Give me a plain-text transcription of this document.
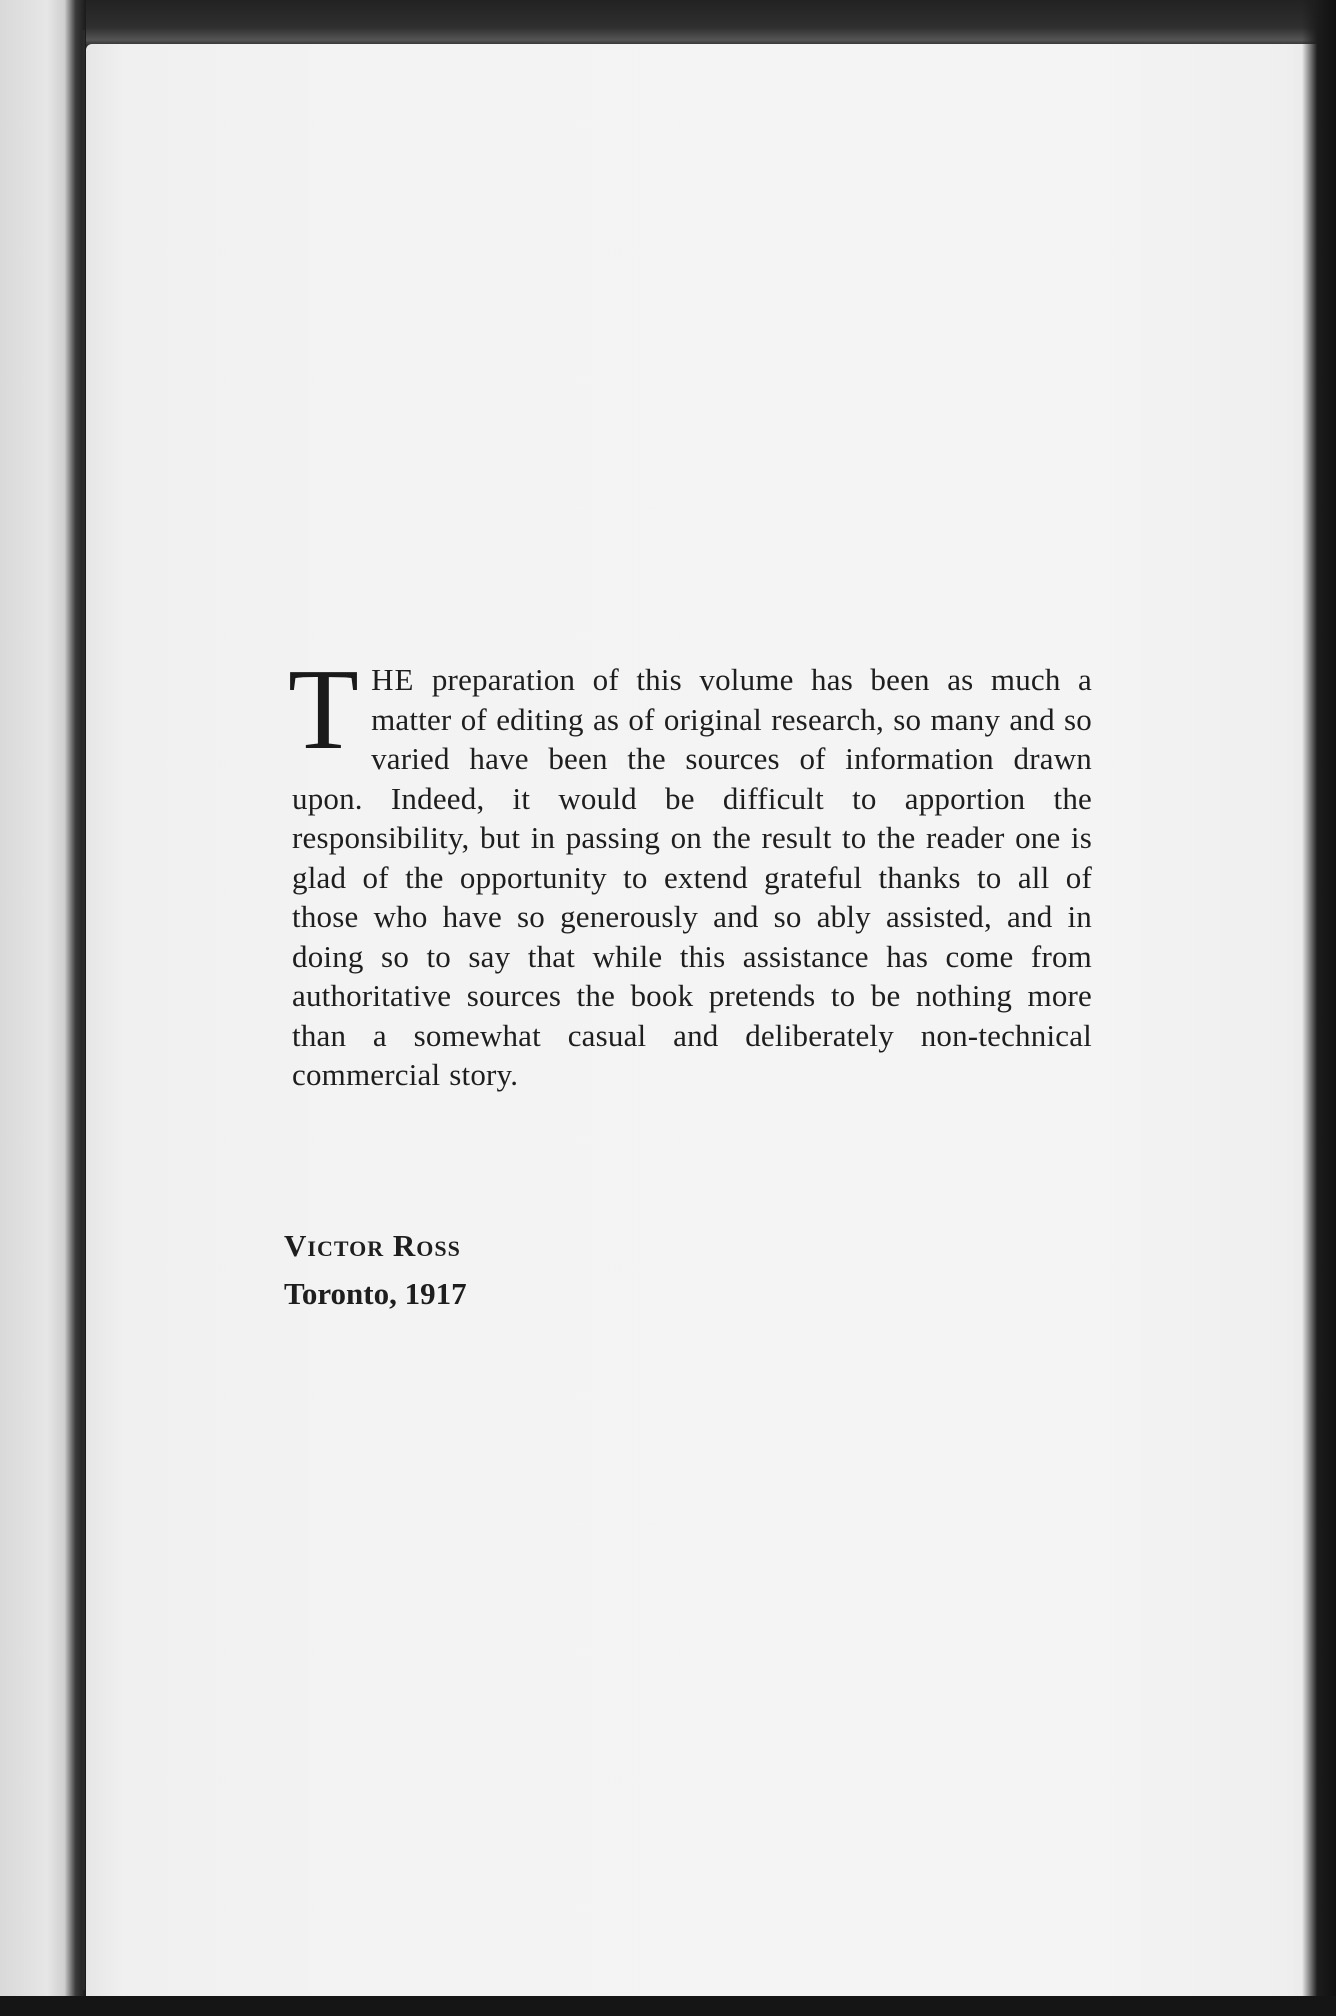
THE preparation of this volume has been as much a matter of editing as of original research, so many and so varied have been the sources of information drawn upon. Indeed, it would be difficult to apportion the responsibility, but in passing on the result to the reader one is glad of the opportunity to extend grateful thanks to all of those who have so generously and so ably assisted, and in doing so to say that while this assistance has come from authoritative sources the book pretends to be nothing more than a somewhat casual and deliberately non-technical commercial story.
Victor Ross
Toronto, 1917
